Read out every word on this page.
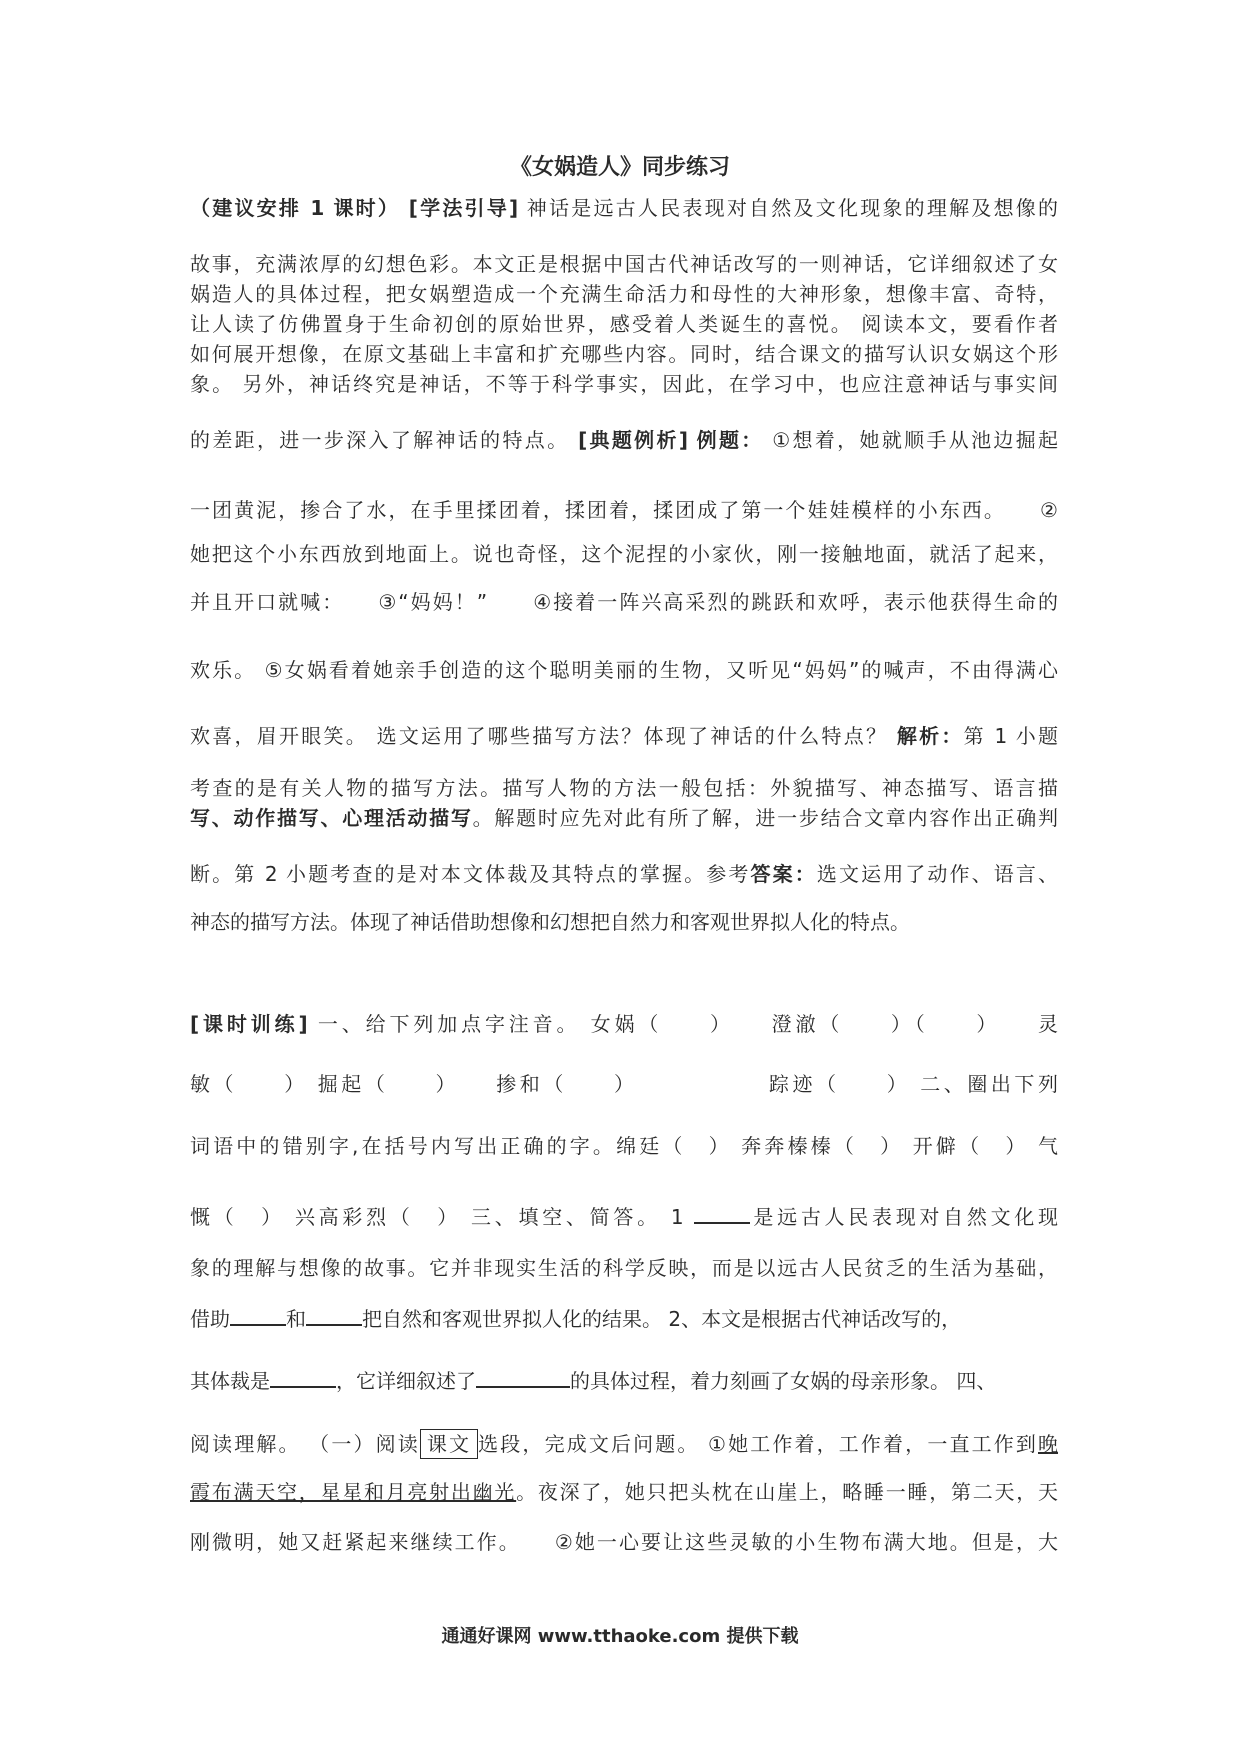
《女娲造人》同步练习
（建议安排 1 课时） [学法引导] 神话是远古人民表现对自然及文化现象的理解及想像的
故事，充满浓厚的幻想色彩。本文正是根据中国古代神话改写的一则神话，它详细叙述了女
娲造人的具体过程，把女娲塑造成一个充满生命活力和母性的大神形象，想像丰富、奇特，
让人读了仿佛置身于生命初创的原始世界，感受着人类诞生的喜悦。 阅读本文，要看作者
如何展开想像，在原文基础上丰富和扩充哪些内容。同时，结合课文的描写认识女娲这个形
象。 另外，神话终究是神话，不等于科学事实，因此，在学习中，也应注意神话与事实间
的差距，进一步深入了解神话的特点。 [典题例析] 例题： ①想着，她就顺手从池边掘起
一团黄泥，掺合了水，在手里揉团着，揉团着，揉团成了第一个娃娃模样的小东西。　　②
她把这个小东西放到地面上。说也奇怪，这个泥捏的小家伙，刚一接触地面，就活了起来，
并且开口就喊：　　③“妈妈！”　　④接着一阵兴高采烈的跳跃和欢呼，表示他获得生命的
欢乐。 ⑤女娲看着她亲手创造的这个聪明美丽的生物，又听见“妈妈”的喊声，不由得满心
欢喜，眉开眼笑。 选文运用了哪些描写方法？体现了神话的什么特点？ 解析：第 1 小题
考查的是有关人物的描写方法。描写人物的方法一般包括：外貌描写、神态描写、语言描
写、动作描写、心理活动描写。解题时应先对此有所了解，进一步结合文章内容作出正确判
断。第 2 小题考查的是对本文体裁及其特点的掌握。参考答案：选文运用了动作、语言、
神态的描写方法。体现了神话借助想像和幻想把自然力和客观世界拟人化的特点。
[课时训练] 一、给下列加点字注音。 女娲（　　）　　澄澈（　　）（　　）　　灵
敏（　　） 掘起（　　）　　掺和（　　）　　　　　　踪迹（　　） 二、圈出下列
词语中的错别字,在括号内写出正确的字。绵廷（　） 奔奔榛榛（　） 开僻（　） 气
慨（　） 兴高彩烈（　） 三、填空、简答。 1	是远古人民表现对自然文化现
象的理解与想像的故事。它并非现实生活的科学反映，而是以远古人民贫乏的生活为基础，
借助	和	把自然和客观世界拟人化的结果。 2、本文是根据古代神话改写的，
其体裁是	，它详细叙述了	的具体过程，着力刻画了女娲的母亲形象。 四、
阅读理解。 （一）阅读 课文 选段，完成文后问题。 ①她工作着，工作着，一直工作到晚
霞布满天空，星星和月亮射出幽光。夜深了，她只把头枕在山崖上，略睡一睡，第二天，天
刚微明，她又赶紧起来继续工作。　　②她一心要让这些灵敏的小生物布满大地。但是，大
通通好课网 www.tthaoke.com 提供下载
